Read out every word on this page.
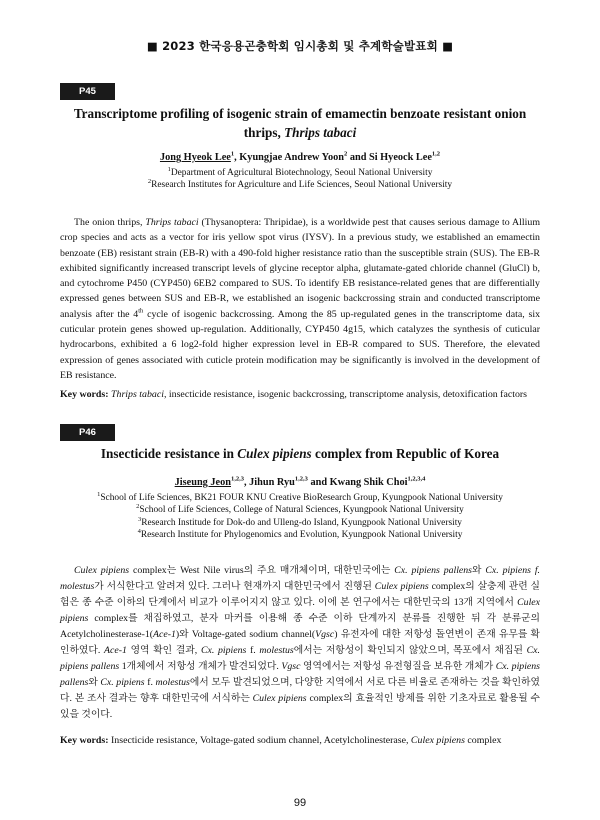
■ 2023 한국응용곤충학회 임시총회 및 추계학술발표회 ■
P45
Transcriptome profiling of isogenic strain of emamectin benzoate resistant onion
thrips, Thrips tabaci
Jong Hyeok Lee$^1$, Kyungjae Andrew Yoon$^2$ and Si Hyeock Lee$^{1,2}$
$^1$Department of Agricultural Biotechnology, Seoul National University
$^2$Research Institutes for Agriculture and Life Sciences, Seoul National University

The onion thrips, Thrips tabaci (Thysanoptera: Thripidae), is a worldwide pest that causes serious damage to Allium crop species and acts as a vector for iris yellow spot virus (IYSV). In a previous study, we established an emamectin benzoate (EB) resistant strain (EB-R) with a 490-fold higher resistance ratio than the susceptible strain (SUS). The EB-R exhibited significantly increased transcript levels of glycine receptor alpha, glutamate-gated chloride channel (GluCl) b, and cytochrome P450 (CYP450) 6EB2 compared to SUS. To identify EB resistance-related genes that are differentially expressed genes between SUS and EB-R, we established an isogenic backcrossing strain and conducted transcriptome analysis after the 4th cycle of isogenic backcrossing. Among the 85 up-regulated genes in the transcriptome data, six cuticular protein genes showed up-regulation. Additionally, CYP450 4g15, which catalyzes the synthesis of cuticular hydrocarbons, exhibited a 6 log2-fold higher expression level in EB-R compared to SUS. Therefore, the elevated expression of genes associated with cuticle protein modification may be significantly is involved in the development of EB resistance.

Key words: Thrips tabaci, insecticide resistance, isogenic backcrossing, transcriptome analysis, detoxification factors

P46
Insecticide resistance in Culex pipiens complex from Republic of Korea
Jiseung Jeon$^{1,2,3}$, Jihun Ryu$^{1,2,3}$ and Kwang Shik Choi$^{1,2,3,4}$
$^1$School of Life Sciences, BK21 FOUR KNU Creative BioResearch Group, Kyungpook National University
$^2$School of Life Sciences, College of Natural Sciences, Kyungpook National University
$^3$Research Institude for Dok-do and Ulleng-do Island, Kyungpook National University
$^4$Research Institute for Phylogenomics and Evolution, Kyungpook National University

Culex pipiens complex는 West Nile virus의 주요 매개체이며, 대한민국에는 Cx. pipiens pallens와 Cx. pipiens f. molestus가 서식한다고 알려져 있다. 그러나 현재까지 대한민국에서 진행된 Culex pipiens complex의 살충제 관련 실험은 종 수준 이하의 단계에서 비교가 이루어지지 않고 있다. 이에 본 연구에서는 대한민국의 13개 지역에서 Culex pipiens complex를 채집하였고, 분자 마커를 이용해 종 수준 이하 단계까지 분류를 진행한 뒤 각 분류군의 Acetylcholinesterase-1(Ace-1)와 Voltage-gated sodium channel(Vgsc) 유전자에 대한 저항성 돌연변이 존재 유무를 확인하였다. Ace-1 영역 확인 결과, Cx. pipiens f. molestus에서는 저항성이 확인되지 않았으며, 목포에서 채집된 Cx. pipiens pallens 1개체에서 저항성 개체가 발견되었다. Vgsc 영역에서는 저항성 유전형질을 보유한 개체가 Cx. pipiens pallens와 Cx. pipiens f. molestus에서 모두 발견되었으며, 다양한 지역에서 서로 다른 비율로 존재하는 것을 확인하였다. 본 조사 결과는 향후 대한민국에 서식하는 Culex pipiens complex의 효율적인 방제를 위한 기초자료로 활용될 수 있을 것이다.

Key words: Insecticide resistance, Voltage-gated sodium channel, Acetylcholinesterase, Culex pipiens complex

99
